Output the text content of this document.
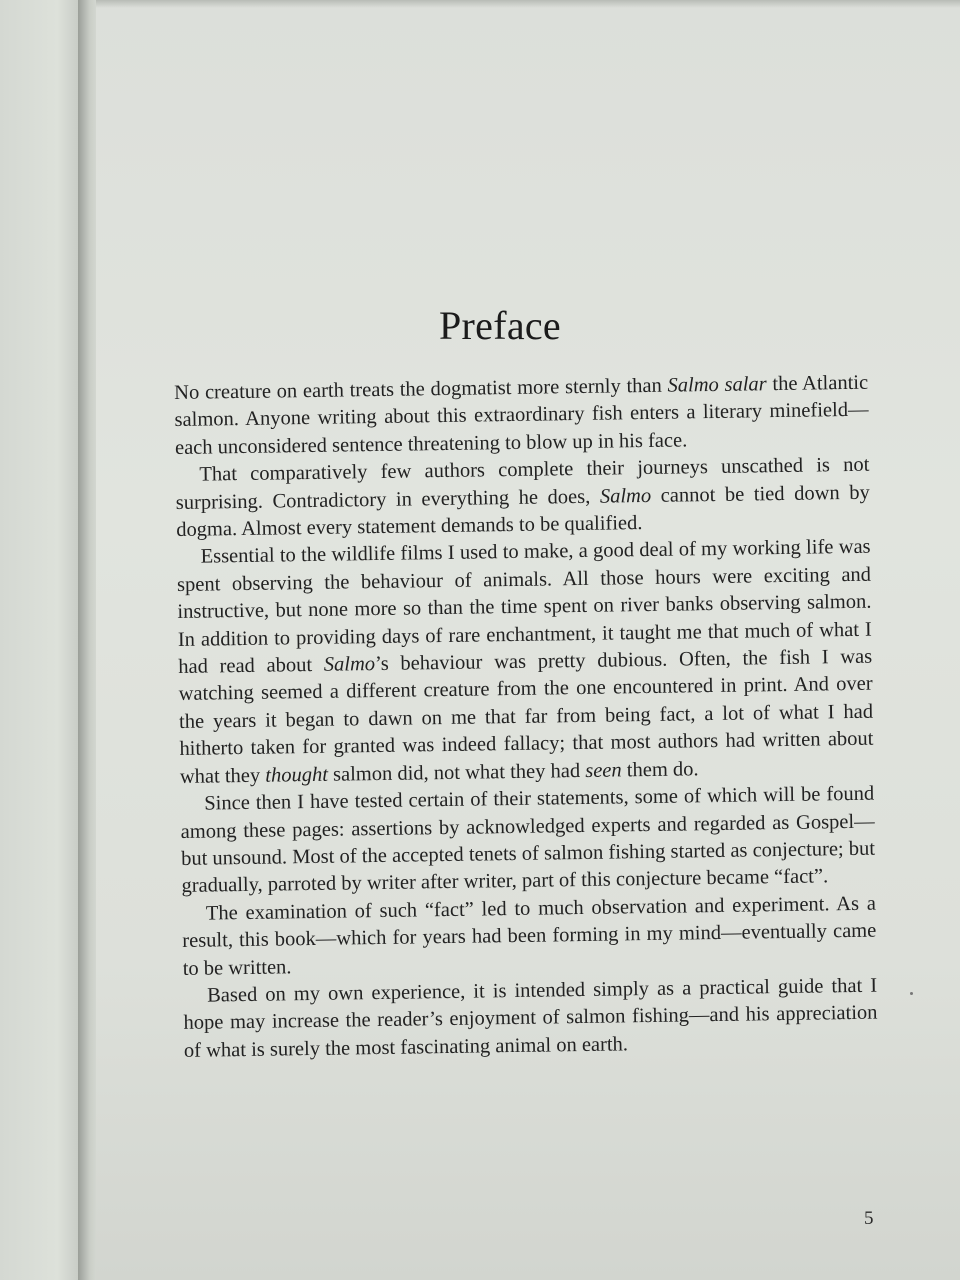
Preface

No creature on earth treats the dogmatist more sternly than Salmo salar the Atlantic salmon. Anyone writing about this extraordinary fish enters a literary minefield—each unconsidered sentence threatening to blow up in his face.

That comparatively few authors complete their journeys unscathed is not surprising. Contradictory in everything he does, Salmo cannot be tied down by dogma. Almost every statement demands to be qualified.

Essential to the wildlife films I used to make, a good deal of my working life was spent observing the behaviour of animals. All those hours were exciting and instructive, but none more so than the time spent on river banks observing salmon. In addition to providing days of rare enchantment, it taught me that much of what I had read about Salmo’s behaviour was pretty dubious. Often, the fish I was watching seemed a different creature from the one encountered in print. And over the years it began to dawn on me that far from being fact, a lot of what I had hitherto taken for granted was indeed fallacy; that most authors had written about what they thought salmon did, not what they had seen them do.

Since then I have tested certain of their statements, some of which will be found among these pages: assertions by acknowledged experts and regarded as Gospel—but unsound. Most of the accepted tenets of salmon fishing started as conjecture; but gradually, parroted by writer after writer, part of this conjecture became “fact”.

The examination of such “fact” led to much observation and experiment. As a result, this book—which for years had been forming in my mind—eventually came to be written.

Based on my own experience, it is intended simply as a practical guide that I hope may increase the reader’s enjoyment of salmon fishing—and his appreciation of what is surely the most fascinating animal on earth.

5
